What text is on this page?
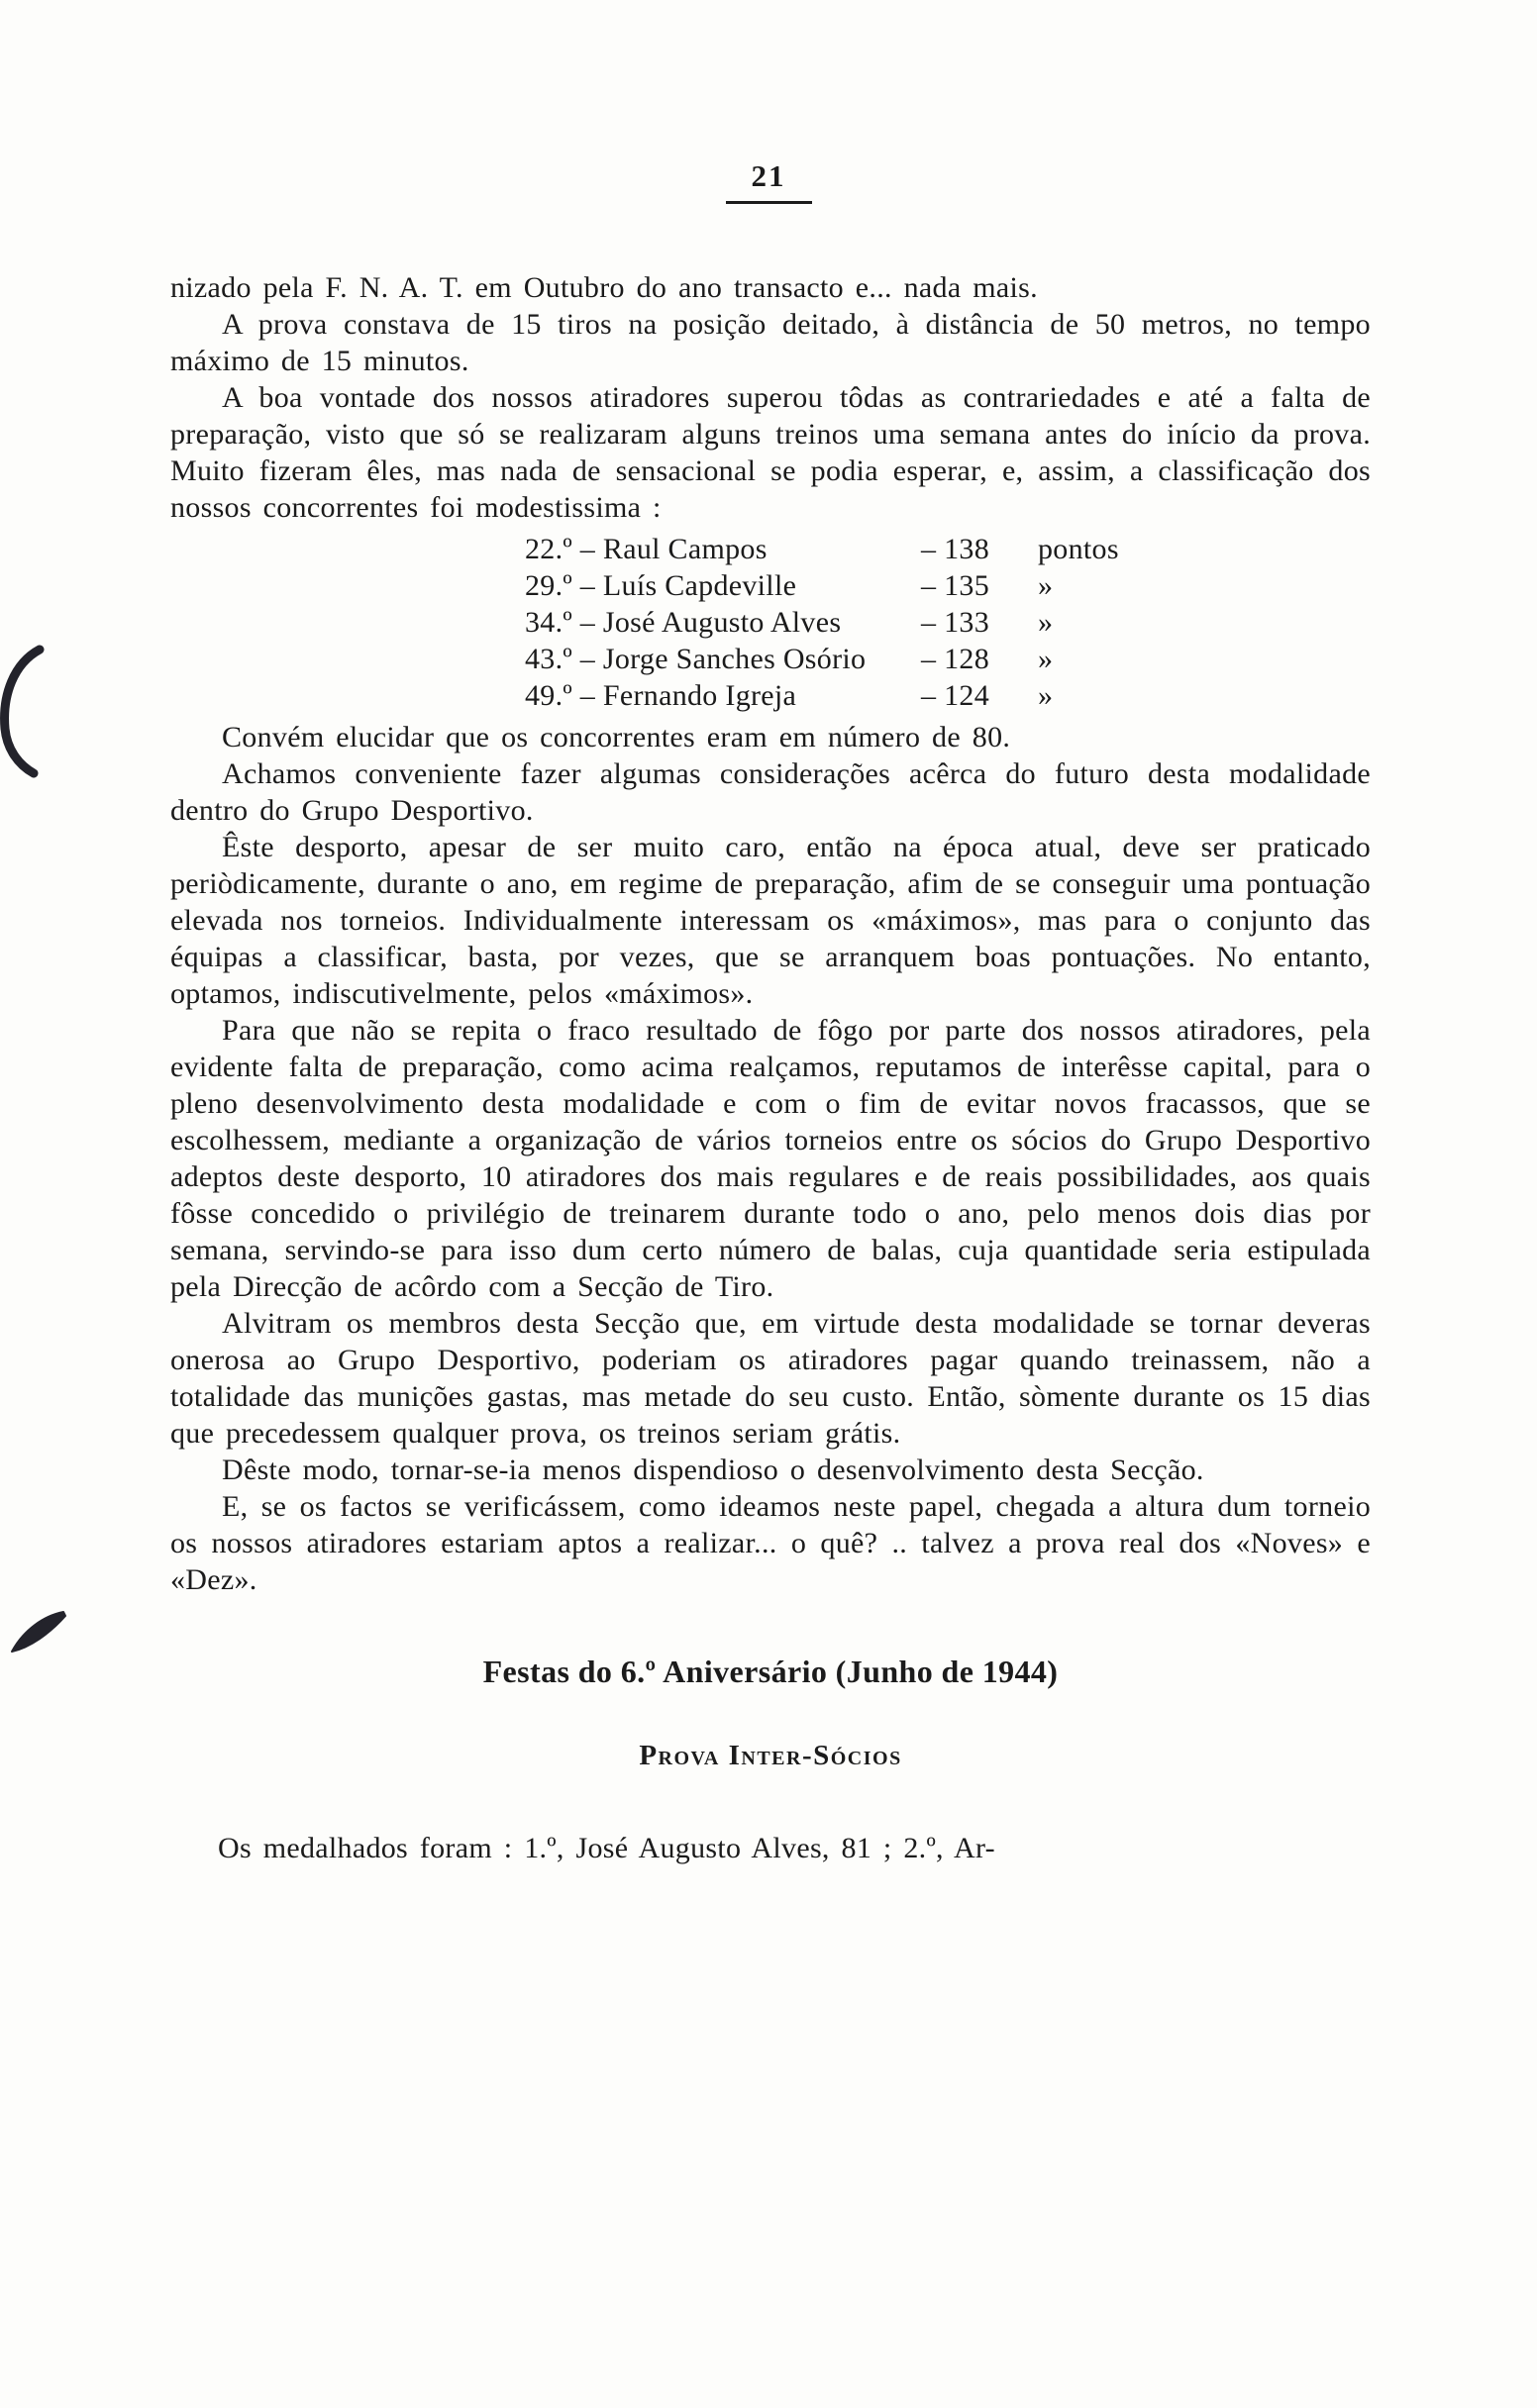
21

nizado pela F. N. A. T. em Outubro do ano transacto e... nada mais.

A prova constava de 15 tiros na posição deitado, à distância de 50 metros, no tempo máximo de 15 minutos.

A boa vontade dos nossos atiradores superou tôdas as contrariedades e até a falta de preparação, visto que só se realizaram alguns treinos uma semana antes do início da prova. Muito fizeram êles, mas nada de sensacional se podia esperar, e, assim, a classificação dos nossos concorrentes foi modestissima :

22.º – Raul Campos	– 138	pontos
29.º – Luís Capdeville	– 135	»
34.º – José Augusto Alves	– 133	»
43.º – Jorge Sanches Osório	– 128	»
49.º – Fernando Igreja	– 124	»

Convém elucidar que os concorrentes eram em número de 80.

Achamos conveniente fazer algumas considerações acêrca do futuro desta modalidade dentro do Grupo Desportivo.

Êste desporto, apesar de ser muito caro, então na época atual, deve ser praticado periòdicamente, durante o ano, em regime de preparação, afim de se conseguir uma pontuação elevada nos torneios. Individualmente interessam os «máximos», mas para o conjunto das équipas a classificar, basta, por vezes, que se arranquem boas pontuações. No entanto, optamos, indiscutivelmente, pelos «máximos».

Para que não se repita o fraco resultado de fôgo por parte dos nossos atiradores, pela evidente falta de preparação, como acima realçamos, reputamos de interêsse capital, para o pleno desenvolvimento desta modalidade e com o fim de evitar novos fracassos, que se escolhessem, mediante a organização de vários torneios entre os sócios do Grupo Desportivo adeptos deste desporto, 10 atiradores dos mais regulares e de reais possibilidades, aos quais fôsse concedido o privilégio de treinarem durante todo o ano, pelo menos dois dias por semana, servindo-se para isso dum certo número de balas, cuja quantidade seria estipulada pela Direcção de acôrdo com a Secção de Tiro.

Alvitram os membros desta Secção que, em virtude desta modalidade se tornar deveras onerosa ao Grupo Desportivo, poderiam os atiradores pagar quando treinassem, não a totalidade das munições gastas, mas metade do seu custo. Então, sòmente durante os 15 dias que precedessem qualquer prova, os treinos seriam grátis.

Dêste modo, tornar-se-ia menos dispendioso o desenvolvimento desta Secção.

E, se os factos se verificássem, como ideamos neste papel, chegada a altura dum torneio os nossos atiradores estariam aptos a realizar... o quê? .. talvez a prova real dos «Noves» e «Dez».

Festas do 6.º Aniversário (Junho de 1944)
Prova Inter-Sócios

Os medalhados foram : 1.º, José Augusto Alves, 81 ; 2.º, Ar-
